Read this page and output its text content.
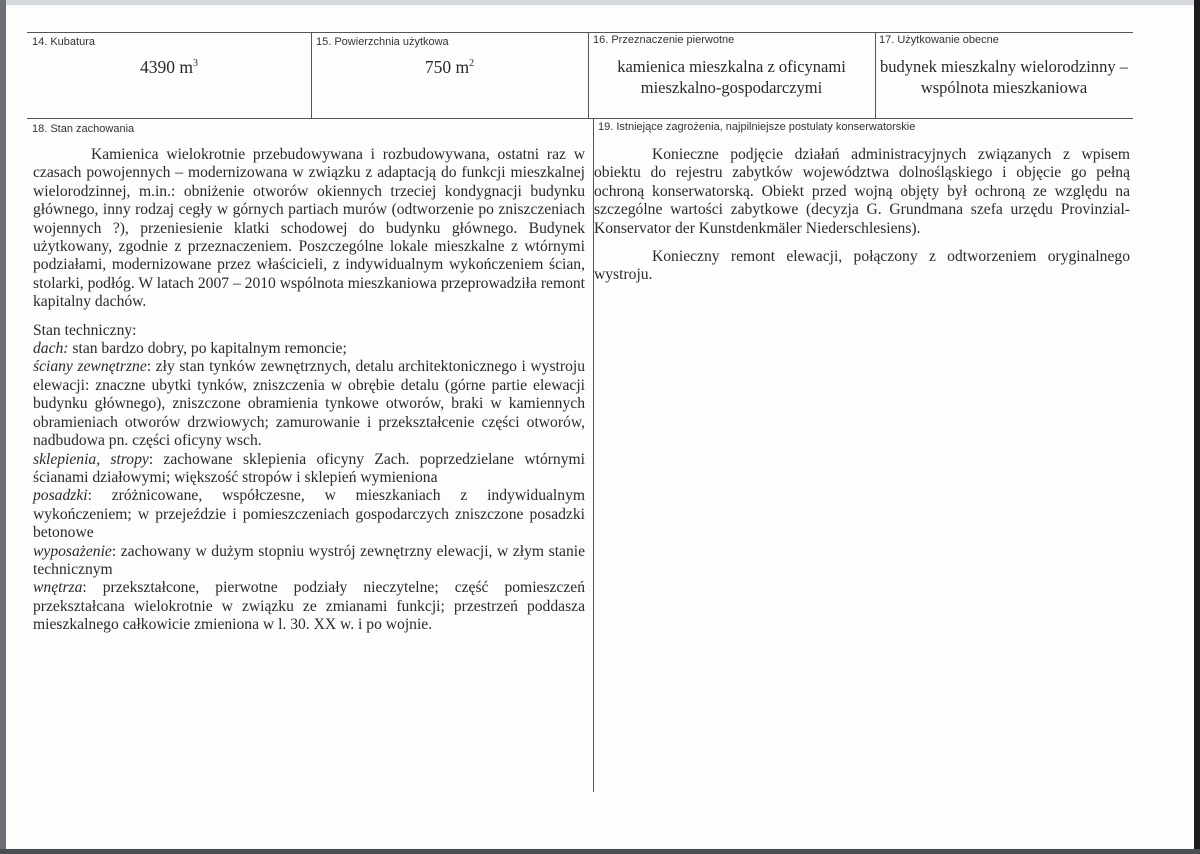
14. Kubatura
4390 $m^3$
15. Powierzchnia użytkowa
750 $m^2$
16. Przeznaczenie pierwotne
kamienica mieszkalna z oficynami
mieszkalno-gospodarczymi
17. Użytkowanie obecne
budynek mieszkalny wielorodzinny –
wspólnota mieszkaniowa
18. Stan zachowania

Kamienica wielokrotnie przebudowywana i rozbudowywana, ostatni raz w czasach powojennych – modernizowana w związku z adaptacją do funkcji mieszkalnej wielorodzinnej, m.in.: obniżenie otworów okiennych trzeciej kondygnacji budynku głównego, inny rodzaj cegły w górnych partiach murów (odtworzenie po zniszczeniach wojennych ?), przeniesienie klatki schodowej do budynku głównego. Budynek użytkowany, zgodnie z przeznaczeniem. Poszczególne lokale mieszkalne z wtórnymi podziałami, modernizowane przez właścicieli, z indywidualnym wykończeniem ścian, stolarki, podłóg. W latach 2007 – 2010 wspólnota mieszkaniowa przeprowadziła remont kapitalny dachów.

Stan techniczny:

dach: stan bardzo dobry, po kapitalnym remoncie;

ściany zewnętrzne: zły stan tynków zewnętrznych, detalu architektonicznego i wystroju elewacji: znaczne ubytki tynków, zniszczenia w obrębie detalu (górne partie elewacji budynku głównego), zniszczone obramienia tynkowe otworów, braki w kamiennych obramieniach otworów drzwiowych; zamurowanie i przekształcenie części otworów, nadbudowa pn. części oficyny wsch.

sklepienia, stropy: zachowane sklepienia oficyny Zach. poprzedzielane wtórnymi ścianami działowymi; większość stropów i sklepień wymieniona

posadzki: zróżnicowane, współczesne, w mieszkaniach z indywidualnym wykończeniem; w przejeździe i pomieszczeniach gospodarczych zniszczone posadzki betonowe

wyposażenie: zachowany w dużym stopniu wystrój zewnętrzny elewacji, w złym stanie technicznym

wnętrza: przekształcone, pierwotne podziały nieczytelne; część pomieszczeń przekształcana wielokrotnie w związku ze zmianami funkcji; przestrzeń poddasza mieszkalnego całkowicie zmieniona w l. 30. XX w. i po wojnie.

19. Istniejące zagrożenia, najpilniejsze postulaty konserwatorskie

Konieczne podjęcie działań administracyjnych związanych z wpisem obiektu do rejestru zabytków województwa dolnośląskiego i objęcie go pełną ochroną konserwatorską. Obiekt przed wojną objęty był ochroną ze względu na szczególne wartości zabytkowe (decyzja G. Grundmana szefa urzędu Provinzial-Konservator der Kunstdenkmäler Niederschlesiens).

Konieczny remont elewacji, połączony z odtworzeniem oryginalnego wystroju.
